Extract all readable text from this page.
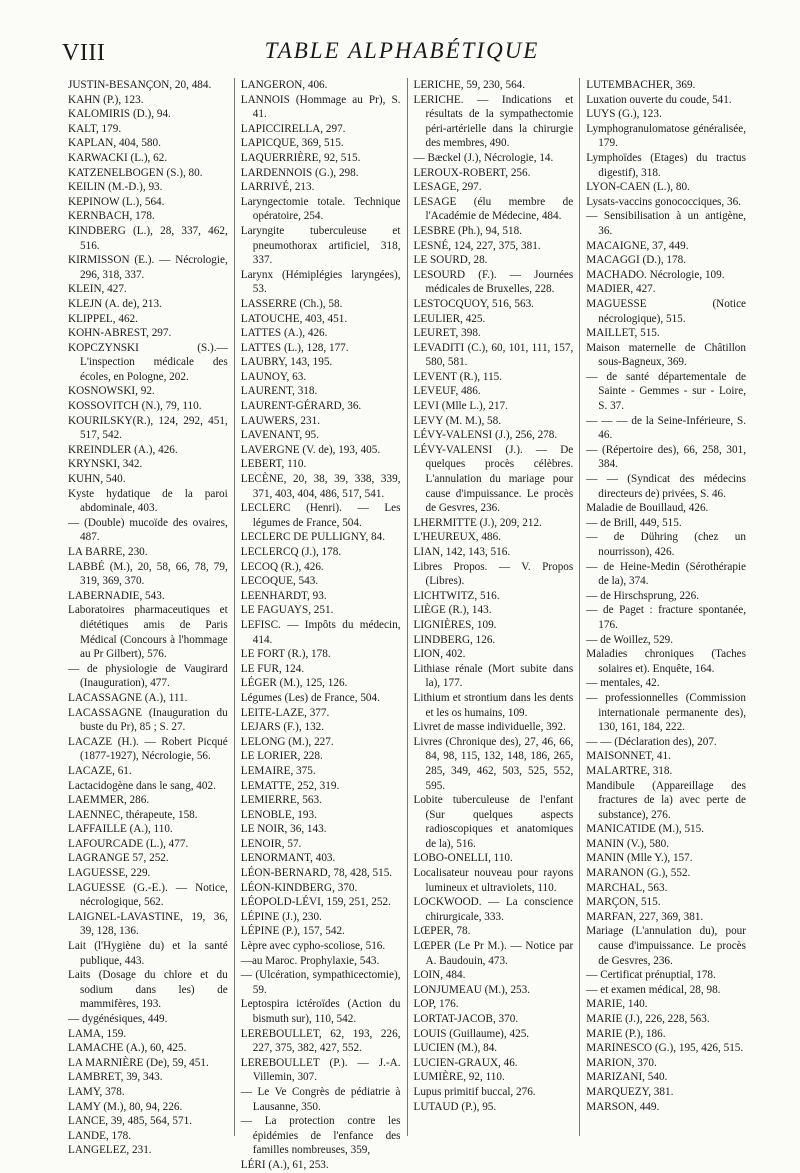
VIII	TABLE ALPHABÉTIQUE

JUSTIN-BESANÇON, 20, 484.

KAHN (P.), 123.

KALOMIRIS (D.), 94.

KALT, 179.

KAPLAN, 404, 580.

KARWACKI (L.), 62.

KATZENELBOGEN (S.), 80.

KEILIN (M.-D.), 93.

KEPINOW (L.), 564.

KERNBACH, 178.

KINDBERG (L.), 28, 337, 462, 516.

KIRMISSON (E.). — Nécrologie, 296, 318, 337.

KLEIN, 427.

KLEJN (A. de), 213.

KLIPPEL, 462.

KOHN-ABREST, 297.

KOPCZYNSKI (S.).— L'inspection médicale des écoles, en Pologne, 202.

KOSNOWSKI, 92.

KOSSOVITCH (N.), 79, 110.

KOURILSKY(R.), 124, 292, 451, 517, 542.

KREINDLER (A.), 426.

KRYNSKI, 342.

KUHN, 540.

Kyste hydatique de la paroi abdominale, 403.

— (Double) mucoïde des ovaires, 487.

LA BARRE, 230.

LABBÉ (M.), 20, 58, 66, 78, 79, 319, 369, 370.

LABERNADIE, 543.

Laboratoires pharmaceutiques et diététiques amis de Paris Médical (Concours à l'hommage au Pr Gilbert), 576.

— de physiologie de Vaugirard (Inauguration), 477.

LACASSAGNE (A.), 111.

LACASSAGNE (Inauguration du buste du Pr), 85 ; S. 27.

LACAZE (H.). — Robert Picqué (1877-1927), Nécrologie, 56.

LACAZE, 61.

Lactacidogène dans le sang, 402.

LAEMMER, 286.

LAENNEC, thérapeute, 158.

LAFFAILLE (A.), 110.

LAFOURCADE (L.), 477.

LAGRANGE 57, 252.

LAGUESSE, 229.

LAGUESSE (G.-E.). — Notice, nécrologique, 562.

LAIGNEL-LAVASTINE, 19, 36, 39, 128, 136.

Lait (l'Hygiène du) et la santé publique, 443.

Laits (Dosage du chlore et du sodium dans les) de mammifères, 193.

— dygénésiques, 449.

LAMA, 159.

LAMACHE (A.), 60, 425.

LA MARNIÈRE (De), 59, 451.

LAMBRET, 39, 343.

LAMY, 378.

LAMY (M.), 80, 94, 226.

LANCE, 39, 485, 564, 571.

LANDE, 178.

LANGELEZ, 231.

LANGERON, 406.

LANNOIS (Hommage au Pr), S. 41.

LAPICCIRELLA, 297.

LAPICQUE, 369, 515.

LAQUERRIÈRE, 92, 515.

LARDENNOIS (G.), 298.

LARRIVÉ, 213.

Laryngectomie totale. Technique opératoire, 254.

Laryngite tuberculeuse et pneumothorax artificiel, 318, 337.

Larynx (Hémiplégies laryngées), 53.

LASSERRE (Ch.), 58.

LATOUCHE, 403, 451.

LATTES (A.), 426.

LATTES (L.), 128, 177.

LAUBRY, 143, 195.

LAUNOY, 63.

LAURENT, 318.

LAURENT-GÉRARD, 36.

LAUWERS, 231.

LAVENANT, 95.

LAVERGNE (V. de), 193, 405.

LEBERT, 110.

LECÈNE, 20, 38, 39, 338, 339, 371, 403, 404, 486, 517, 541.

LECLERC (Henri). — Les légumes de France, 504.

LECLERC DE PULLIGNY, 84.

LECLERCQ (J.), 178.

LECOQ (R.), 426.

LECOQUE, 543.

LEENHARDT, 93.

LE FAGUAYS, 251.

LEFISC. — Impôts du médecin, 414.

LE FORT (R.), 178.

LE FUR, 124.

LÉGER (M.), 125, 126.

Légumes (Les) de France, 504.

LEITE-LAZE, 377.

LEJARS (F.), 132.

LELONG (M.), 227.

LE LORIER, 228.

LEMAIRE, 375.

LEMATTE, 252, 319.

LEMIERRE, 563.

LENOBLE, 193.

LE NOIR, 36, 143.

LENOIR, 57.

LENORMANT, 403.

LÉON-BERNARD, 78, 428, 515.

LÉON-KINDBERG, 370.

LÉOPOLD-LÉVI, 159, 251, 252.

LÉPINE (J.), 230.

LÉPINE (P.), 157, 542.

Lèpre avec cypho-scoliose, 516.

—au Maroc. Prophylaxie, 543.

— (Ulcération, sympathicectomie), 59.

Leptospira ictéroïdes (Action du bismuth sur), 110, 542.

LEREBOULLET, 62, 193, 226, 227, 375, 382, 427, 552.

LEREBOULLET (P.). — J.-A. Villemin, 307.

— Le Ve Congrès de pédiatrie à Lausanne, 350.

— La protection contre les épidémies de l'enfance des familles nombreuses, 359,

LÉRI (A.), 61, 253.

LERICHE, 59, 230, 564.

LERICHE. — Indications et résultats de la sympathectomie péri-artérielle dans la chirurgie des membres, 490.

— Bæckel (J.), Nécrologie, 14.

LEROUX-ROBERT, 256.

LESAGE, 297.

LESAGE (élu membre de l'Académie de Médecine, 484.

LESBRE (Ph.), 94, 518.

LESNÉ, 124, 227, 375, 381.

LE SOURD, 28.

LESOURD (F.). — Journées médicales de Bruxelles, 228.

LESTOCQUOY, 516, 563.

LEULIER, 425.

LEURET, 398.

LEVADITI (C.), 60, 101, 111, 157, 580, 581.

LEVENT (R.), 115.

LEVEUF, 486.

LEVI (Mlle L.), 217.

LEVY (M. M.), 58.

LÉVY-VALENSI (J.), 256, 278.

LÉVY-VALENSI (J.). — De quelques procès célèbres. L'annulation du mariage pour cause d'impuissance. Le procès de Gesvres, 236.

LHERMITTE (J.), 209, 212.

L'HEUREUX, 486.

LIAN, 142, 143, 516.

Libres Propos. — V. Propos (Libres).

LICHTWITZ, 516.

LIÈGE (R.), 143.

LIGNIÈRES, 109.

LINDBERG, 126.

LION, 402.

Lithiase rénale (Mort subite dans la), 177.

Lithium et strontium dans les dents et les os humains, 109.

Livret de masse individuelle, 392.

Livres (Chronique des), 27, 46, 66, 84, 98, 115, 132, 148, 186, 265, 285, 349, 462, 503, 525, 552, 595.

Lobite tuberculeuse de l'enfant (Sur quelques aspects radioscopiques et anatomiques de la), 516.

LOBO-ONELLI, 110.

Localisateur nouveau pour rayons lumineux et ultraviolets, 110.

LOCKWOOD. — La conscience chirurgicale, 333.

LŒPER, 78.

LŒPER (Le Pr M.). — Notice par A. Baudouin, 473.

LOIN, 484.

LONJUMEAU (M.), 253.

LOP, 176.

LORTAT-JACOB, 370.

LOUIS (Guillaume), 425.

LUCIEN (M.), 84.

LUCIEN-GRAUX, 46.

LUMIÈRE, 92, 110.

Lupus primitif buccal, 276.

LUTAUD (P.), 95.

LUTEMBACHER, 369.

Luxation ouverte du coude, 541.

LUYS (G.), 123.

Lymphogranulomatose généralisée, 179.

Lymphoïdes (Etages) du tractus digestif), 318.

LYON-CAEN (L.), 80.

Lysats-vaccins gonococciques, 36.

— Sensibilisation à un antigène, 36.

MACAIGNE, 37, 449.

MACAGGI (D.), 178.

MACHADO. Nécrologie, 109.

MADIER, 427.

MAGUESSE (Notice nécrologique), 515.

MAILLET, 515.

Maison maternelle de Châtillon sous-Bagneux, 369.

— de santé départementale de Sainte - Gemmes - sur - Loire, S. 37.

— — — de la Seine-Inférieure, S. 46.

— (Répertoire des), 66, 258, 301, 384.

— — (Syndicat des médecins directeurs de) privées, S. 46.

Maladie de Bouillaud, 426.

— de Brill, 449, 515.

— de Dühring (chez un nourrisson), 426.

— de Heine-Medin (Sérothérapie de la), 374.

— de Hirschsprung, 226.

— de Paget : fracture spontanée, 176.

— de Woillez, 529.

Maladies chroniques (Taches solaires et). Enquête, 164.

— mentales, 42.

— professionnelles (Commission internationale permanente des), 130, 161, 184, 222.

— — (Déclaration des), 207.

MAISONNET, 41.

MALARTRE, 318.

Mandibule (Appareillage des fractures de la) avec perte de substance), 276.

MANICATIDE (M.), 515.

MANIN (V.), 580.

MANIN (Mlle Y.), 157.

MARANON (G.), 552.

MARCHAL, 563.

MARÇON, 515.

MARFAN, 227, 369, 381.

Mariage (L'annulation du), pour cause d'impuissance. Le procès de Gesvres, 236.

— Certificat prénuptial, 178.

— et examen médical, 28, 98.

MARIE, 140.

MARIE (J.), 226, 228, 563.

MARIE (P.), 186.

MARINESCO (G.), 195, 426, 515.

MARION, 370.

MARIZANI, 540.

MARQUEZY, 381.

MARSON, 449.
